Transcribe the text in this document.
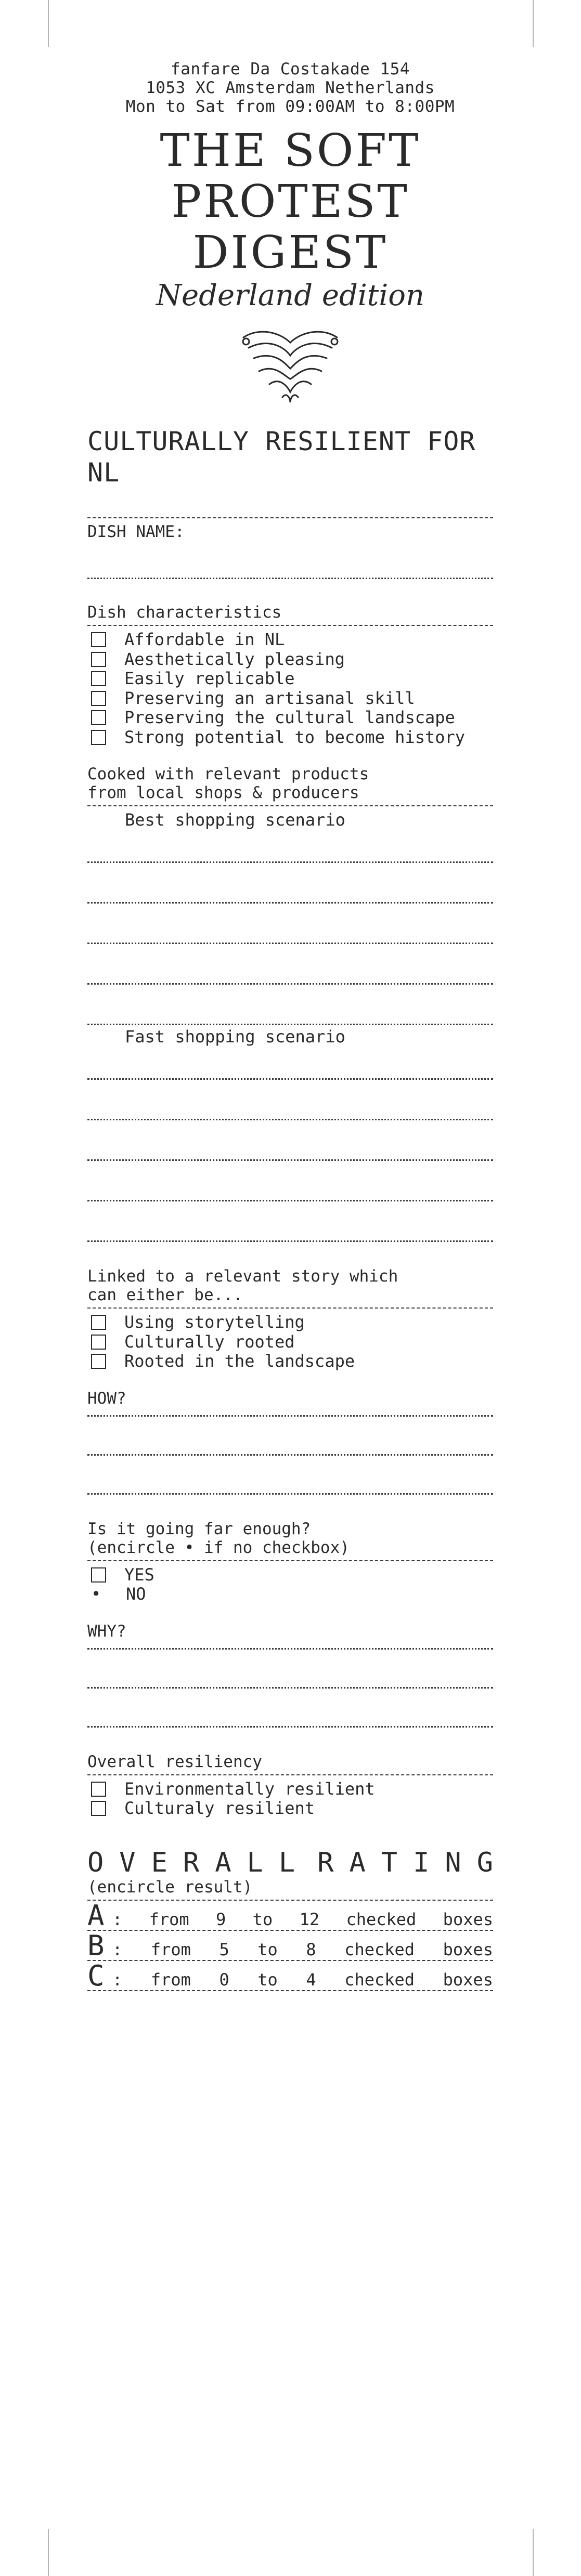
fanfare Da Costakade 154
1053 XC Amsterdam Netherlands
Mon to Sat from 09:00AM to 8:00PM
THE SOFT
PROTEST DIGEST
Nederland edition
CULTURALLY RESILIENT FOR NL
DISH NAME:
Dish characteristics
Affordable in NL
Aesthetically pleasing
Easily replicable
Preserving an artisanal skill
Preserving the cultural landscape
Strong potential to become history
Cooked with relevant products
from local shops & producers
Best shopping scenario
Fast shopping scenario
Linked to a relevant story which
can either be...
Using storytelling
Culturally rooted
Rooted in the landscape
HOW?
Is it going far enough?
(encircle • if no checkbox)
YES
•	NO
WHY?
Overall resiliency
Environmentally resilient
Culturaly resilient
OVERALL RATING
(encircle result)
A : from 9 to 12 checked boxes
B : from 5 to 8 checked boxes
C : from 0 to 4 checked boxes
